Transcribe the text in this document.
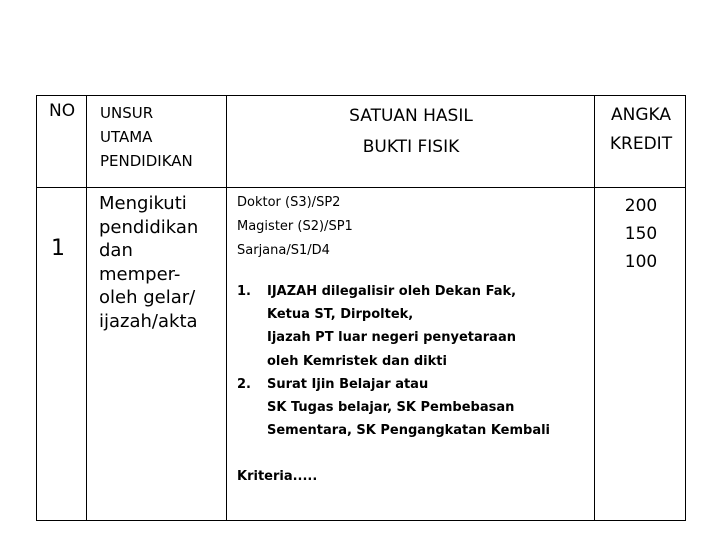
NO UNSUR
UTAMA
PENDIDIKAN
SATUAN HASIL
BUKTI FISIK
ANGKA
KREDIT
1
Mengikuti
pendidikan
dan
memper-
oleh gelar/
ijazah/akta
Doktor (S3)/SP2
Magister (S2)/SP1
Sarjana/S1/D4
1. IJAZAH dilegalisir oleh Dekan Fak,
Ketua ST, Dirpoltek,
Ijazah PT luar negeri penyetaraan
oleh Kemristek dan dikti
2. Surat Ijin Belajar atau
SK Tugas belajar, SK Pembebasan
Sementara, SK Pengangkatan Kembali
Kriteria.....
200
150
100
